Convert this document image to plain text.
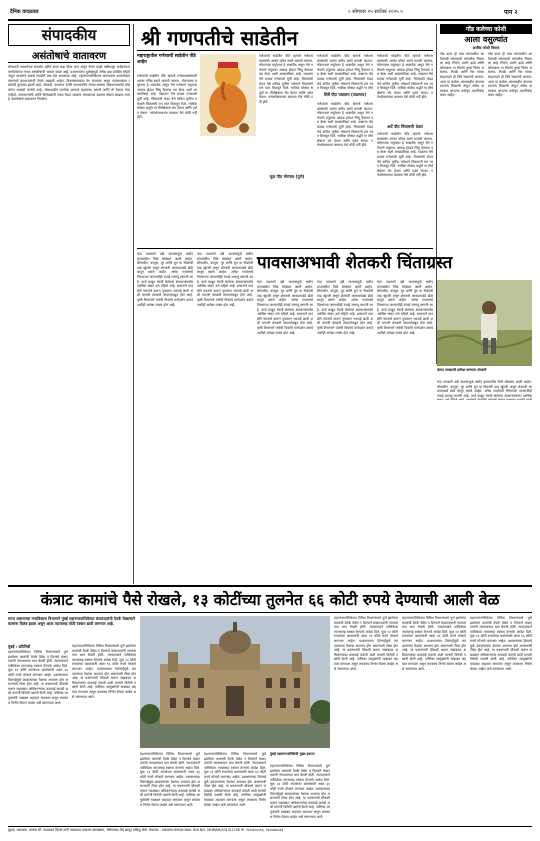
दैनिक वादळवत	० सोमवार १५ सप्टेंबर २०२५ ०	पान २
संपादकीय
असंतोषाचे वातावरण
सोसायटी स्थापनेच्या संदर्भात प्रदीर्घ काळ लढा दिला जात असून गेल्या काही वर्षांपासून सर्वसामान्य नागरिकांच्या मनात असंतोषाची भावना वाढत आहे. प्रशासनाच्या दुर्लक्षामुळे अनेक प्रश्न प्रलंबित राहिले असून शासनाने याकडे तातडीने लक्ष देणे आवश्यक आहे. महानगरपालिकेच्या कारभारात पारदर्शकता नसल्याने कंत्राटदारांची देयके रखडली आहेत. विकासकामांचा वेग मंदावला असून पावसाळ्यात रस्त्यांची दुरवस्था झाली आहे. शेतकरी, कामगार आणि मध्यमवर्गीय यांच्या समस्या सोडवण्यासाठी ठोस धोरण आखणे गरजेचे आहे. लोकशाहीत जनतेचा आवाज महत्त्वाचा असतो आणि तो ऐकला गेला पाहिजे. सत्ताधाऱ्यांनी आणि विरोधकांनी एकत्र येऊन सामान्य माणसाच्या प्रश्नांवर तोडगा काढला तरच हे असंतोषाचे वातावरण निवळेल.
श्री गणपतीचे साडेतीन
महाराष्ट्रातील गणेशाची साडेतीन पीठे आहेत
गणेशाची साडेतीन पीठे म्हणजे गणेशभक्तांसाठी अत्यंत पवित्र स्थाने मानली जातात. मोरगावचा मयुरेश्वर हे आद्यपीठ असून येथे गणेशाने मयुरावर आरूढ होऊन सिंधू दैत्याचा वध केला अशी आख्यायिका आहे. पद्मालय येथे प्रवाळ गणेशाची मूर्ती आहे. चिंतामणी थेऊर येथे कपिल मुनींना गणेशाने चिंतामणी रत्न परत मिळवून दिले. भाविक मोठ्या श्रद्धेने या तीर्थक्षेत्रांना भेट देतात आणि दर्शन घेतात. गणेशोत्सवाच्या काळात येथे मोठी गर्दी होते.
गणेशाची साडेतीन पीठे म्हणजे गणेशभक्तांसाठी अत्यंत पवित्र स्थाने मानली जातात. मोरगावचा मयुरेश्वर हे आद्यपीठ असून येथे गणेशाने मयुरावर आरूढ होऊन सिंधू दैत्याचा वध केला अशी आख्यायिका आहे. पद्मालय येथे प्रवाळ गणेशाची मूर्ती आहे. चिंतामणी थेऊर येथे कपिल मुनींना गणेशाने चिंतामणी रत्न परत मिळवून दिले. भाविक मोठ्या श्रद्धेने या तीर्थक्षेत्रांना भेट देतात आणि दर्शन घेतात. गणेशोत्सवाच्या काळात येथे मोठी गर्दी होते.
शिर्षे पीठ पद्मालय (जळगाव)
गणेशाची साडेतीन पीठे म्हणजे गणेशभक्तांसाठी अत्यंत पवित्र स्थाने मानली जातात. मोरगावचा मयुरेश्वर हे आद्यपीठ असून येथे गणेशाने मयुरावर आरूढ होऊन सिंधू दैत्याचा वध केला अशी आख्यायिका आहे. पद्मालय येथे प्रवाळ गणेशाची मूर्ती आहे. चिंतामणी थेऊर येथे कपिल मुनींना गणेशाने चिंतामणी रत्न परत मिळवून दिले. भाविक मोठ्या श्रद्धेने या तीर्थ
गणेशाची साडेतीन पीठे म्हणजे गणेशभक्तांसाठी अत्यंत पवित्र स्थाने मानली जातात. मोरगावचा मयुरेश्वर हे आद्यपीठ असून येथे गणेशाने मयुरावर आरूढ होऊन सिंधू दैत्याचा वध केला अशी आख्यायिका आहे. पद्मालय येथे प्रवाळ गणेशाची मूर्ती आहे. चिंतामणी थेऊर येथे कपिल मुनींना गणेशाने चिंतामणी रत्न परत मिळवून दिले. भाविक मोठ्या श्रद्धेने या तीर्थक्षेत्रांना भेट देतात आणि दर्शन घेतात. गणेशोत्सवाच्या काळात येथे मोठी गर्दी होते.
मूळ पीठ मोरगाव (पुणे)
अर्धे पीठ चिंतामणी थेऊर
गणेशाची साडेतीन पीठे म्हणजे गणेशभक्तांसाठी अत्यंत पवित्र स्थाने मानली जातात. मोरगावचा मयुरेश्वर हे आद्यपीठ असून येथे गणेशाने मयुरावर आरूढ होऊन सिंधू दैत्याचा वध केला अशी आख्यायिका आहे. पद्मालय येथे प्रवाळ गणेशाची मूर्ती आहे. चिंतामणी थेऊर येथे कपिल मुनींना गणेशाने चिंतामणी रत्न परत मिळवून दिले. भाविक मोठ्या श्रद्धेने या तीर्थक्षेत्रांना भेट देतात आणि दर्शन घेतात. गणेशोत्सवाच्या काळात येथे मोठी गर्दी होते.
गणेशाची साडेतीन पीठे म्हणजे गणेशभक्तांसाठी अत्यंत पवित्र स्थाने मानली जातात. मोरगावचा मयुरेश्वर हे आद्यपीठ असून येथे गणेशाने मयुरावर आरूढ होऊन सिंधू दैत्याचा वध केला अशी आख्यायिका आहे. पद्मालय येथे प्रवाळ गणेशाची मूर्ती आहे. चिंतामणी थेऊर येथे कपिल मुनींना गणेशाने चिंतामणी रत्न परत मिळवून दिले. भाविक मोठ्या श्रद्धेने या तीर्थक्षेत्रांना भेट देतात आणि दर्शन घेतात. गणेशोत्सवाच्या काळात येथे मोठी गर्दी होते.
गोंड कलेच्या कोशी
आला वसुल्यांत
अरविंद जोशी विमला
गोंड कला ही मध्य भारतातील आदिवासी समाजाची पारंपरिक चित्रकला आहे. निसर्ग, प्राणी, झाडे आणि लोककथा या चित्रांचे मुख्य विषय असतात. ठिपके आणि रेषा यांच्या साहाय्याने ही चित्रे रेखाटली जातात. आज या कलेला आंतरराष्ट्रीय स्तरावर मान्यता मिळाली असून अनेक कलाकार आपल्या कलेतून उदरनिर्वाह करत आहेत.
गोंड कला ही मध्य भारतातील आदिवासी समाजाची पारंपरिक चित्रकला आहे. निसर्ग, प्राणी, झाडे आणि लोककथा या चित्रांचे मुख्य विषय असतात. ठिपके आणि रेषा यांच्या साहाय्याने ही चित्रे रेखाटली जातात. आज या कलेला आंतरराष्ट्रीय स्तरावर मान्यता मिळाली असून अनेक कलाकार आपल्या कलेतून उदरनिर्वाह करत आहेत.
पावसाअभावी शेतकरी चिंताग्रस्त
यंदा पावसाने दडी मारल्यामुळे खरीप हंगामातील पिके धोक्यात आली आहेत. सोयाबीन, कापूस, तूर आणि मूग या पिकांची वाढ खुंटली असून शेतकरी आकाशाकडे डोळे लावून बसले आहेत. अनेक गावांमध्ये पिण्याच्या पाण्याचीही टंचाई जाणवू लागली आहे. कर्ज काढून पेरणी केलेल्या शेतकऱ्यांसमोर आर्थिक संकट उभे राहिले आहे. शासनाने तातडीने पंचनामे करून नुकसान भरपाई द्यावी अशी मागणी शेतकरी संघटनांकडून होत आहे. कृषी विभागाने पर्यायी पिकांचे मार्गदर्शन करावे अशीही अपेक्षा व्यक्त होत आहे.
यंदा पावसाने दडी मारल्यामुळे खरीप हंगामातील पिके धोक्यात आली आहेत. सोयाबीन, कापूस, तूर आणि मूग या पिकांची वाढ खुंटली असून शेतकरी आकाशाकडे डोळे लावून बसले आहेत. अनेक गावांमध्ये पिण्याच्या पाण्याचीही टंचाई जाणवू लागली आहे. कर्ज काढून पेरणी केलेल्या शेतकऱ्यांसमोर आर्थिक संकट उभे राहिले आहे. शासनाने तातडीने पंचनामे करून नुकसान भरपाई द्यावी अशी मागणी शेतकरी संघटनांकडून होत आहे. कृषी विभागाने पर्यायी पिकांचे मार्गदर्शन करावे अशीही अपेक्षा व्यक्त होत आहे.
यंदा पावसाने दडी मारल्यामुळे खरीप हंगामातील पिके धोक्यात आली आहेत. सोयाबीन, कापूस, तूर आणि मूग या पिकांची वाढ खुंटली असून शेतकरी आकाशाकडे डोळे लावून बसले आहेत. अनेक गावांमध्ये पिण्याच्या पाण्याचीही टंचाई जाणवू लागली आहे. कर्ज काढून पेरणी केलेल्या शेतकऱ्यांसमोर आर्थिक संकट उभे राहिले आहे. शासनाने तातडीने पंचनामे करून नुकसान भरपाई द्यावी अशी मागणी शेतकरी संघटनांकडून होत आहे. कृषी विभागाने पर्यायी पिकांचे मार्गदर्शन करावे अशीही अपेक्षा व्यक्त होत आहे.
यंदा पावसाने दडी मारल्यामुळे खरीप हंगामातील पिके धोक्यात आली आहेत. सोयाबीन, कापूस, तूर आणि मूग या पिकांची वाढ खुंटली असून शेतकरी आकाशाकडे डोळे लावून बसले आहेत. अनेक गावांमध्ये पिण्याच्या पाण्याचीही टंचाई जाणवू लागली आहे. कर्ज काढून पेरणी केलेल्या शेतकऱ्यांसमोर आर्थिक संकट उभे राहिले आहे. शासनाने तातडीने पंचनामे करून नुकसान भरपाई द्यावी अशी मागणी शेतकरी संघटनांकडून होत आहे. कृषी विभागाने पर्यायी पिकांचे मार्गदर्शन करावे अशीही अपेक्षा व्यक्त होत आहे.
यंदा पावसाने दडी मारल्यामुळे खरीप हंगामातील पिके धोक्यात आली आहेत. सोयाबीन, कापूस, तूर आणि मूग या पिकांची वाढ खुंटली असून शेतकरी आकाशाकडे डोळे लावून बसले आहेत. अनेक गावांमध्ये पिण्याच्या पाण्याचीही टंचाई जाणवू लागली आहे. कर्ज काढून पेरणी केलेल्या शेतकऱ्यांसमोर आर्थिक संकट उभे राहिले आहे. शासनाने तातडीने पंचनामे करून नुकसान भरपाई द्यावी अशी मागणी शेतकरी संघटनांकडून होत आहे. कृषी विभागाने पर्यायी पिकांचे मार्गदर्शन करावे अशीही अपेक्षा व्यक्त होत आहे.
शेतात पावसाची प्रतीक्षा करणारा शेतकरी
यंदा पावसाने दडी मारल्यामुळे खरीप हंगामातील पिके धोक्यात आली आहेत. सोयाबीन, कापूस, तूर आणि मूग या पिकांची वाढ खुंटली असून शेतकरी आकाशाकडे डोळे लावून बसले आहेत. अनेक गावांमध्ये पिण्याच्या पाण्याचीही टंचाई जाणवू लागली आहे. कर्ज काढून पेरणी केलेल्या शेतकऱ्यांसमोर आर्थिक
कंत्राट कामांचे पैसे रोखले, १३ कोटींच्या तुलनेत ६६ कोटी रुपये देण्याची आली वेळ
राज्य शासनाच्या नगरविकास विभागाने मुंबई महानगरपालिकेच्या कंत्राटदारांची देयके रोखल्याने कामांना विलंब झाला असून आता व्याजासह मोठी रक्कम द्यावी लागणार आहे.
मुंबई : प्रतिनिधी
महानगरपालिकेच्या विविध विभागांमध्ये पूर्ण झालेल्या कामांची देयके वेळेत न दिल्याने कंत्राटदारांनी न्यायालयात धाव घेतली होती. न्यायालयाने पालिकेला व्याजासह रक्कम देण्याचे आदेश दिले. मूळ १३ कोटी रुपयांच्या कामांसाठी आता ६६ कोटी रुपये मोजावे लागणार आहेत. प्रशासनाच्या दिरंगाईमुळे करदात्यांच्या पैशांचा अपव्यय होत असल्याची टीका होत आहे. या प्रकरणाची चौकशी करून जबाबदार अधिकाऱ्यांवर कारवाई करावी अशी मागणी विरोधी पक्षांनी केली आहे. पालिका आयुक्तांनी याबाबत अहवाल मागवला असून लवकरच निर्णय घेतला जाईल असे सांगण्यात आले.
महानगरपालिकेच्या विविध विभागांमध्ये पूर्ण झालेल्या कामांची देयके वेळेत न दिल्याने कंत्राटदारांनी न्यायालयात धाव घेतली होती. न्यायालयाने पालिकेला व्याजासह रक्कम देण्याचे आदेश दिले. मूळ १३ कोटी रुपयांच्या कामांसाठी आता ६६ कोटी रुपये मोजावे लागणार आहेत. प्रशासनाच्या दिरंगाईमुळे करदात्यांच्या पैशांचा अपव्यय होत असल्याची टीका होत आहे. या प्रकरणाची चौकशी करून जबाबदार अधिकाऱ्यांवर कारवाई करावी अशी मागणी विरोधी पक्षांनी केली आहे. पालिका आयुक्तांनी याबाबत अहवाल मागवला असून लवकरच निर्णय घेतला जाईल असे सांगण्यात आले.
महानगरपालिकेच्या विविध विभागांमध्ये पूर्ण झालेल्या कामांची देयके वेळेत न दिल्याने कंत्राटदारांनी न्यायालयात धाव घेतली होती. न्यायालयाने पालिकेला व्याजासह रक्कम देण्याचे आदेश दिले. मूळ १३ कोटी रुपयांच्या कामांसाठी आता ६६ कोटी रुपये मोजावे लागणार आहेत. प्रशासनाच्या दिरंगाईमुळे करदात्यांच्या पैशांचा अपव्यय होत असल्याची टीका होत आहे. या प्रकरणाची चौकशी करून जबाबदार अधिकाऱ्यांवर कारवाई करावी अशी मागणी विरोधी पक्षांनी केली आहे. पालिका आयुक्तांनी याबाबत अहवाल मागवला असून लवकरच निर्णय घेतला जाईल असे सांगण्यात आले.
महानगरपालिकेच्या विविध विभागांमध्ये पूर्ण झालेल्या कामांची देयके वेळेत न दिल्याने कंत्राटदारांनी न्यायालयात धाव घेतली होती. न्यायालयाने पालिकेला व्याजासह रक्कम देण्याचे आदेश दिले. मूळ १३ कोटी रुपयांच्या कामांसाठी आता ६६ कोटी रुपये मोजावे लागणार आहेत. प्रशासनाच्या दिरंगाईमुळे करदात्यांच्या पैशांचा अपव्यय होत असल्याची टीका होत आहे. या प्रकरणाची चौकशी करून जबाबदार अधिकाऱ्यांवर कारवाई करावी अशी मागणी विरोधी पक्षांनी केली आहे. पालिका आयुक्तांनी याबाबत अहवाल मागवला असून लवकरच निर्णय घेतला जाईल असे सांगण्यात आले.
मुंबई महानगरपालिकेची मुख्य इमारत
महानगरपालिकेच्या विविध विभागांमध्ये पूर्ण झालेल्या कामांची देयके वेळेत न दिल्याने कंत्राटदारांनी न्यायालयात धाव घेतली होती. न्यायालयाने पालिकेला व्याजासह रक्कम देण्याचे आदेश दिले. मूळ १३ कोटी रुपयांच्या कामांसाठी आता ६६ कोटी रुपये मोजावे लागणार आहेत. प्रशासनाच्या दिरंगाईमुळे करदात्यांच्या पैशांचा अपव्यय होत असल्याची टीका होत आहे. या प्रकरणाची चौकशी करून जबाबदार अधिकाऱ्यांवर कारवाई करावी अशी मागणी विरोधी पक्षांनी केली आहे. पालिका आयुक्तांनी याबाबत अहवाल मागवला असून लवकरच निर्णय घेतला जाईल असे सांगण्यात आले.
महानगरपालिकेच्या विविध विभागांमध्ये पूर्ण झालेल्या कामांची देयके वेळेत न दिल्याने कंत्राटदारांनी न्यायालयात धाव घेतली होती. न्यायालयाने पालिकेला व्याजासह रक्कम देण्याचे आदेश दिले. मूळ १३ कोटी रुपयांच्या कामांसाठी आता ६६ कोटी रुपये मोजावे लागणार आहेत. प्रशासनाच्या दिरंगाईमुळे करदात्यांच्या पैशांचा अपव्यय होत असल्याची टीका होत आहे. या प्रकरणाची चौकशी करून जबाबदार अधिकाऱ्यांवर कारवाई करावी अशी मागणी विरोधी पक्षांनी केली आहे. पालिका आयुक्तांनी याबाबत अहवाल मागवला असून लवकरच निर्णय घेतला जाईल असे सांगण्यात आले.
महानगरपालिकेच्या विविध विभागांमध्ये पूर्ण झालेल्या कामांची देयके वेळेत न दिल्याने कंत्राटदारांनी न्यायालयात धाव घेतली होती. न्यायालयाने पालिकेला व्याजासह रक्कम देण्याचे आदेश दिले. मूळ १३ कोटी रुपयांच्या कामांसाठी आता ६६ कोटी रुपये मोजावे लागणार आहेत. प्रशासनाच्या दिरंगाईमुळे करदात्यांच्या पैशांचा अपव्यय होत असल्याची टीका होत आहे. या प्रकरणाची चौकशी करून जबाबदार अधिकाऱ्यांवर कारवाई करावी अशी मागणी विरोधी पक्षांनी केली आहे. पालिका आयुक्तांनी याबाबत अहवाल मागवला असून लवकरच निर्णय घेतला जाईल असे सांगण्यात आले.
महानगरपालिकेच्या विविध विभागांमध्ये पूर्ण झालेल्या कामांची देयके वेळेत न दिल्याने कंत्राटदारांनी न्यायालयात धाव घेतली होती. न्यायालयाने पालिकेला व्याजासह रक्कम देण्याचे आदेश दिले. मूळ १३ कोटी रुपयांच्या कामांसाठी आता ६६ कोटी रुपये मोजावे लागणार आहेत. प्रशासनाच्या दिरंगाईमुळे करदात्यांच्या पैशांचा अपव्यय होत असल्याची टीका होत आहे. या प्रकरणाची चौकशी करून जबाबदार अधिकाऱ्यांवर कारवाई करावी अशी मागणी विरोधी पक्षांनी केली आहे. पालिका आयुक्तांनी याबाबत अहवाल मागवला असून लवकरच निर्णय घेतला जाईल असे सांगण्यात आले.
मुद्रक, प्रकाशक, मालक सौ. वादळवत प्रिंटर्स यांनी वादळवत प्रकाशन छापखाना, औरंगाबाद येथे छापून प्रसिद्ध केले. संपादक : वादळवत संपादक मंडळ. RNI NO. MHMAR/2014/1156 मो. ९४२३७०५०६६, ९४०४४७४४६३
